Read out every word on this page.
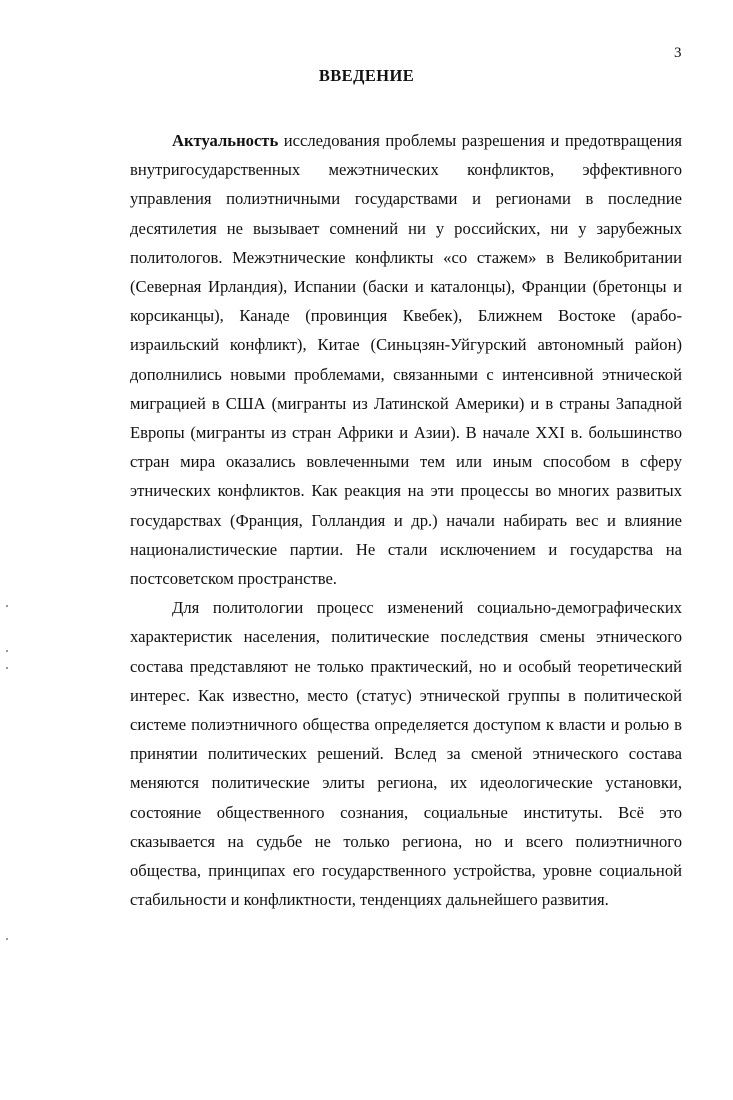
3
ВВЕДЕНИЕ

Актуальность исследования проблемы разрешения и предотвращения внутригосударственных межэтнических конфликтов, эффективного управления полиэтничными государствами и регионами в последние десятилетия не вызывает сомнений ни у российских, ни у зарубежных политологов. Межэтнические конфликты «со стажем» в Великобритании (Северная Ирландия), Испании (баски и каталонцы), Франции (бретонцы и корсиканцы), Канаде (провинция Квебек), Ближнем Востоке (арабо-израильский конфликт), Китае (Синьцзян-Уйгурский автономный район) дополнились новыми проблемами, связанными с интенсивной этнической миграцией в США (мигранты из Латинской Америки) и в страны Западной Европы (мигранты из стран Африки и Азии). В начале XXI в. большинство стран мира оказались вовлеченными тем или иным способом в сферу этнических конфликтов. Как реакция на эти процессы во многих развитых государствах (Франция, Голландия и др.) начали набирать вес и влияние националистические партии. Не стали исключением и государства на постсоветском пространстве.

Для политологии процесс изменений социально-демографических характеристик населения, политические последствия смены этнического состава представляют не только практический, но и особый теоретический интерес. Как известно, место (статус) этнической группы в политической системе полиэтничного общества определяется доступом к власти и ролью в принятии политических решений. Вслед за сменой этнического состава меняются политические элиты региона, их идеологические установки, состояние общественного сознания, социальные институты. Всё это сказывается на судьбе не только региона, но и всего полиэтничного общества, принципах его государственного устройства, уровне социальной стабильности и конфликтности, тенденциях дальнейшего развития.
